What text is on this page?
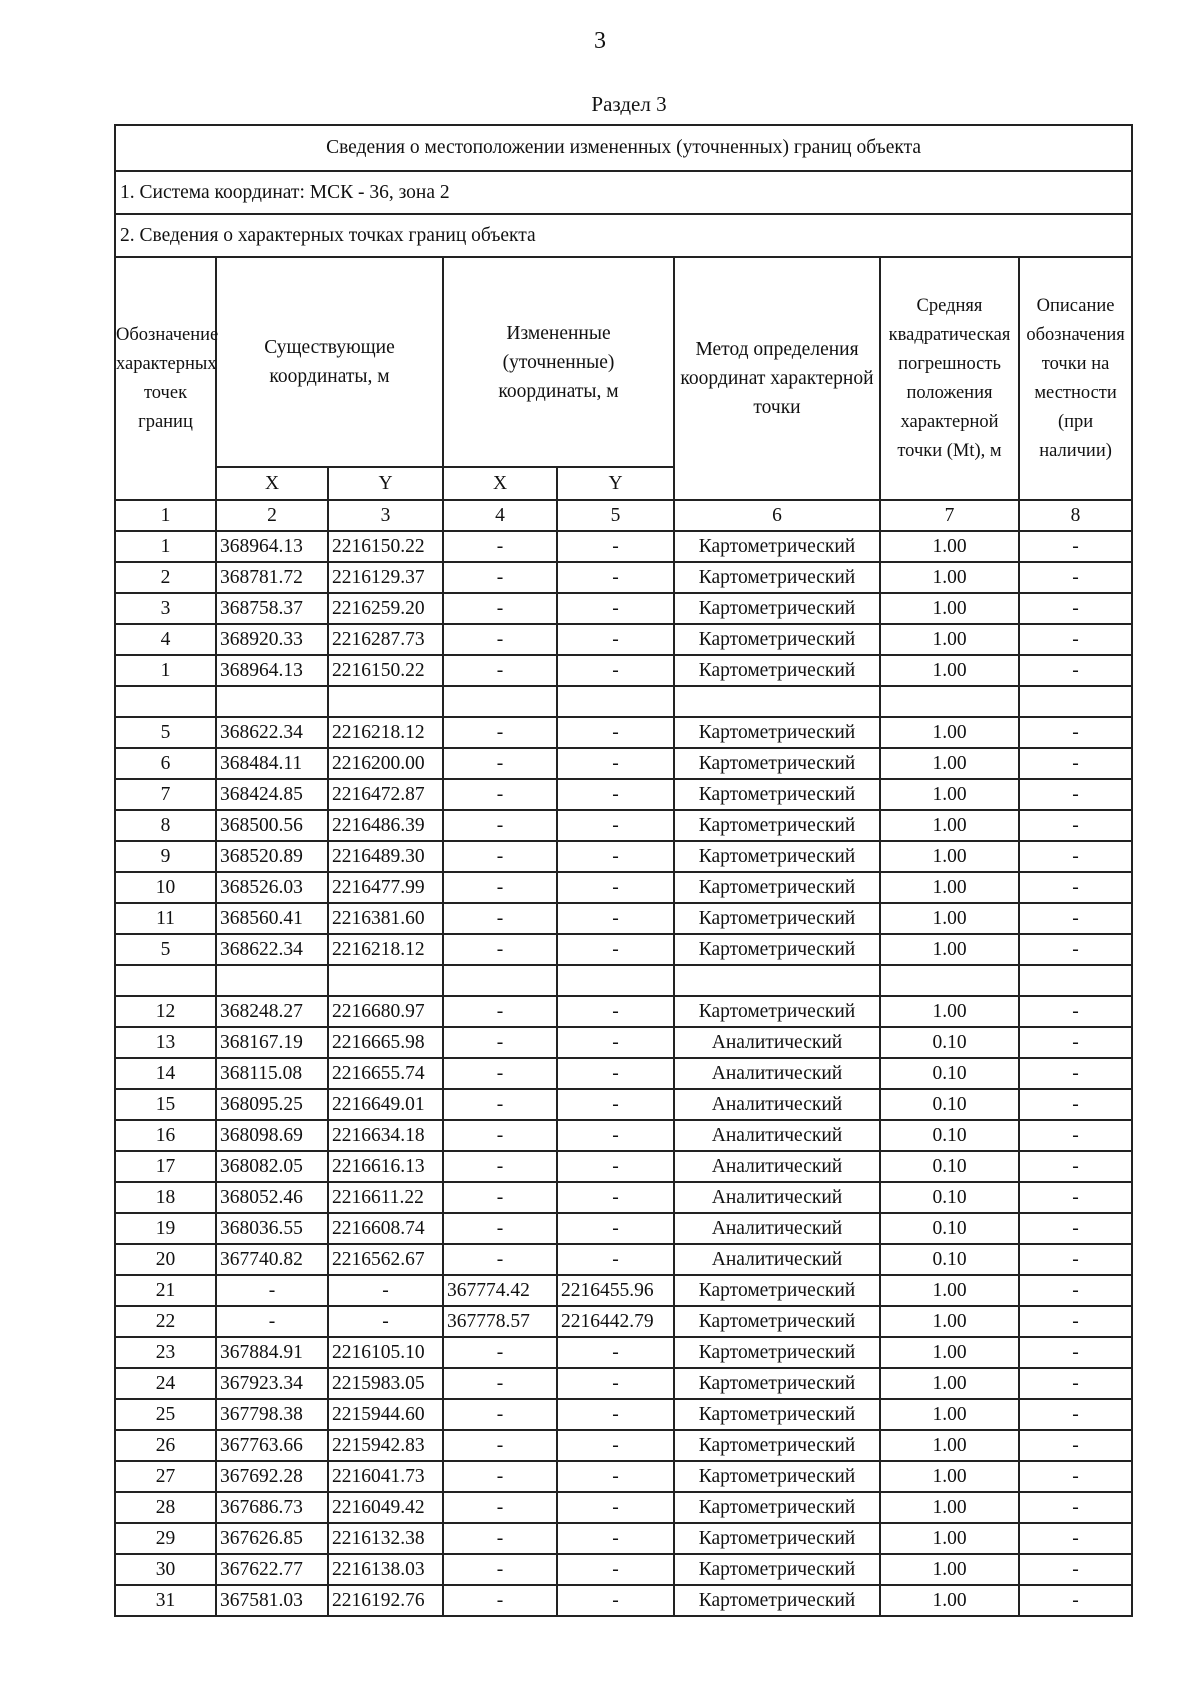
3
Раздел 3
Сведения о местоположении измененных (уточненных) границ объекта							
1. Система координат: МСК - 36, зона 2							
2. Сведения о характерных точках границ объекта							
Обозначение характерных точек границ	Существующие координаты, м		Измененные (уточненные) координаты, м		Метод определения координат характерной точки	Средняя квадратическая погрешность положения характерной точки (Mt), м	Описание обозначения точки на местности (при наличии)
	X	Y	X	Y			
1	2	3	4	5	6	7	8
1	368964.13	2216150.22	-	-	Картометрический	1.00	-
2	368781.72	2216129.37	-	-	Картометрический	1.00	-
3	368758.37	2216259.20	-	-	Картометрический	1.00	-
4	368920.33	2216287.73	-	-	Картометрический	1.00	-
1	368964.13	2216150.22	-	-	Картометрический	1.00	-

5	368622.34	2216218.12	-	-	Картометрический	1.00	-
6	368484.11	2216200.00	-	-	Картометрический	1.00	-
7	368424.85	2216472.87	-	-	Картометрический	1.00	-
8	368500.56	2216486.39	-	-	Картометрический	1.00	-
9	368520.89	2216489.30	-	-	Картометрический	1.00	-
10	368526.03	2216477.99	-	-	Картометрический	1.00	-
11	368560.41	2216381.60	-	-	Картометрический	1.00	-
5	368622.34	2216218.12	-	-	Картометрический	1.00	-

12	368248.27	2216680.97	-	-	Картометрический	1.00	-
13	368167.19	2216665.98	-	-	Аналитический	0.10	-
14	368115.08	2216655.74	-	-	Аналитический	0.10	-
15	368095.25	2216649.01	-	-	Аналитический	0.10	-
16	368098.69	2216634.18	-	-	Аналитический	0.10	-
17	368082.05	2216616.13	-	-	Аналитический	0.10	-
18	368052.46	2216611.22	-	-	Аналитический	0.10	-
19	368036.55	2216608.74	-	-	Аналитический	0.10	-
20	367740.82	2216562.67	-	-	Аналитический	0.10	-
21	-	-	367774.42	2216455.96	Картометрический	1.00	-
22	-	-	367778.57	2216442.79	Картометрический	1.00	-
23	367884.91	2216105.10	-	-	Картометрический	1.00	-
24	367923.34	2215983.05	-	-	Картометрический	1.00	-
25	367798.38	2215944.60	-	-	Картометрический	1.00	-
26	367763.66	2215942.83	-	-	Картометрический	1.00	-
27	367692.28	2216041.73	-	-	Картометрический	1.00	-
28	367686.73	2216049.42	-	-	Картометрический	1.00	-
29	367626.85	2216132.38	-	-	Картометрический	1.00	-
30	367622.77	2216138.03	-	-	Картометрический	1.00	-
31	367581.03	2216192.76	-	-	Картометрический	1.00	-
